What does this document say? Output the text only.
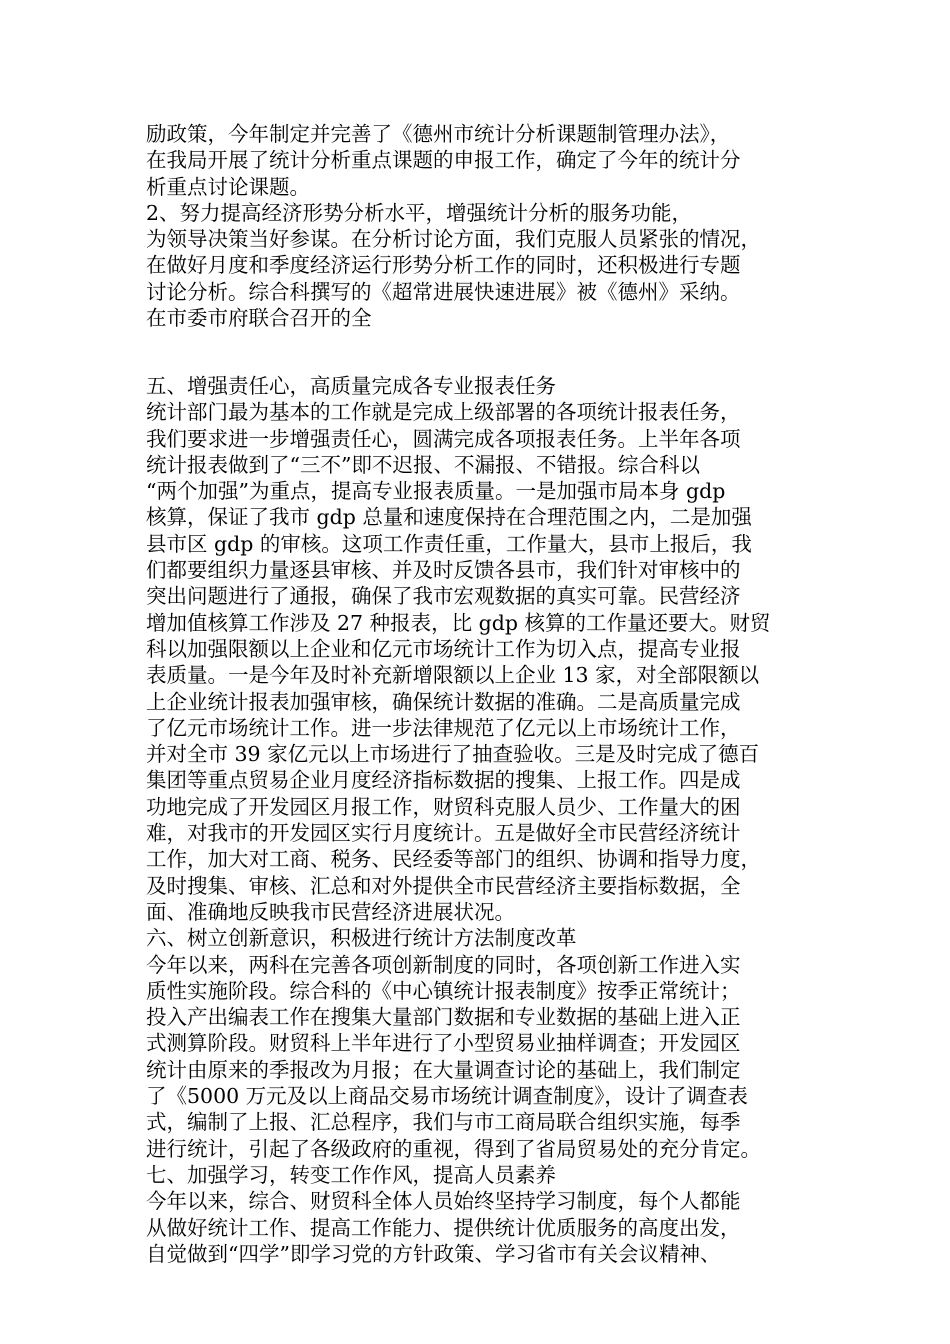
励政策，今年制定并完善了《德州市统计分析课题制管理办法》，
在我局开展了统计分析重点课题的申报工作，确定了今年的统计分
析重点讨论课题。
2、努力提高经济形势分析水平，增强统计分析的服务功能，
为领导决策当好参谋。在分析讨论方面，我们克服人员紧张的情况，
在做好月度和季度经济运行形势分析工作的同时，还积极进行专题
讨论分析。综合科撰写的《超常进展快速进展》被《德州》采纳。
在市委市府联合召开的全
五、增强责任心，高质量完成各专业报表任务
统计部门最为基本的工作就是完成上级部署的各项统计报表任务，
我们要求进一步增强责任心，圆满完成各项报表任务。上半年各项
统计报表做到了“三不”即不迟报、不漏报、不错报。综合科以
“两个加强”为重点，提高专业报表质量。一是加强市局本身 gdp
核算，保证了我市 gdp 总量和速度保持在合理范围之内，二是加强
县市区 gdp 的审核。这项工作责任重，工作量大，县市上报后，我
们都要组织力量逐县审核、并及时反馈各县市，我们针对审核中的
突出问题进行了通报，确保了我市宏观数据的真实可靠。民营经济
增加值核算工作涉及 27 种报表，比 gdp 核算的工作量还要大。财贸
科以加强限额以上企业和亿元市场统计工作为切入点，提高专业报
表质量。一是今年及时补充新增限额以上企业 13 家，对全部限额以
上企业统计报表加强审核，确保统计数据的准确。二是高质量完成
了亿元市场统计工作。进一步法律规范了亿元以上市场统计工作，
并对全市 39 家亿元以上市场进行了抽查验收。三是及时完成了德百
集团等重点贸易企业月度经济指标数据的搜集、上报工作。四是成
功地完成了开发园区月报工作，财贸科克服人员少、工作量大的困
难，对我市的开发园区实行月度统计。五是做好全市民营经济统计
工作，加大对工商、税务、民经委等部门的组织、协调和指导力度，
及时搜集、审核、汇总和对外提供全市民营经济主要指标数据，全
面、准确地反映我市民营经济进展状况。
六、树立创新意识，积极进行统计方法制度改革
今年以来，两科在完善各项创新制度的同时，各项创新工作进入实
质性实施阶段。综合科的《中心镇统计报表制度》按季正常统计；
投入产出编表工作在搜集大量部门数据和专业数据的基础上进入正
式测算阶段。财贸科上半年进行了小型贸易业抽样调查；开发园区
统计由原来的季报改为月报；在大量调查讨论的基础上，我们制定
了《5000 万元及以上商品交易市场统计调查制度》，设计了调查表
式，编制了上报、汇总程序，我们与市工商局联合组织实施，每季
进行统计，引起了各级政府的重视，得到了省局贸易处的充分肯定。
七、加强学习，转变工作作风，提高人员素养
今年以来，综合、财贸科全体人员始终坚持学习制度，每个人都能
从做好统计工作、提高工作能力、提供统计优质服务的高度出发，
自觉做到“四学”即学习党的方针政策、学习省市有关会议精神、
